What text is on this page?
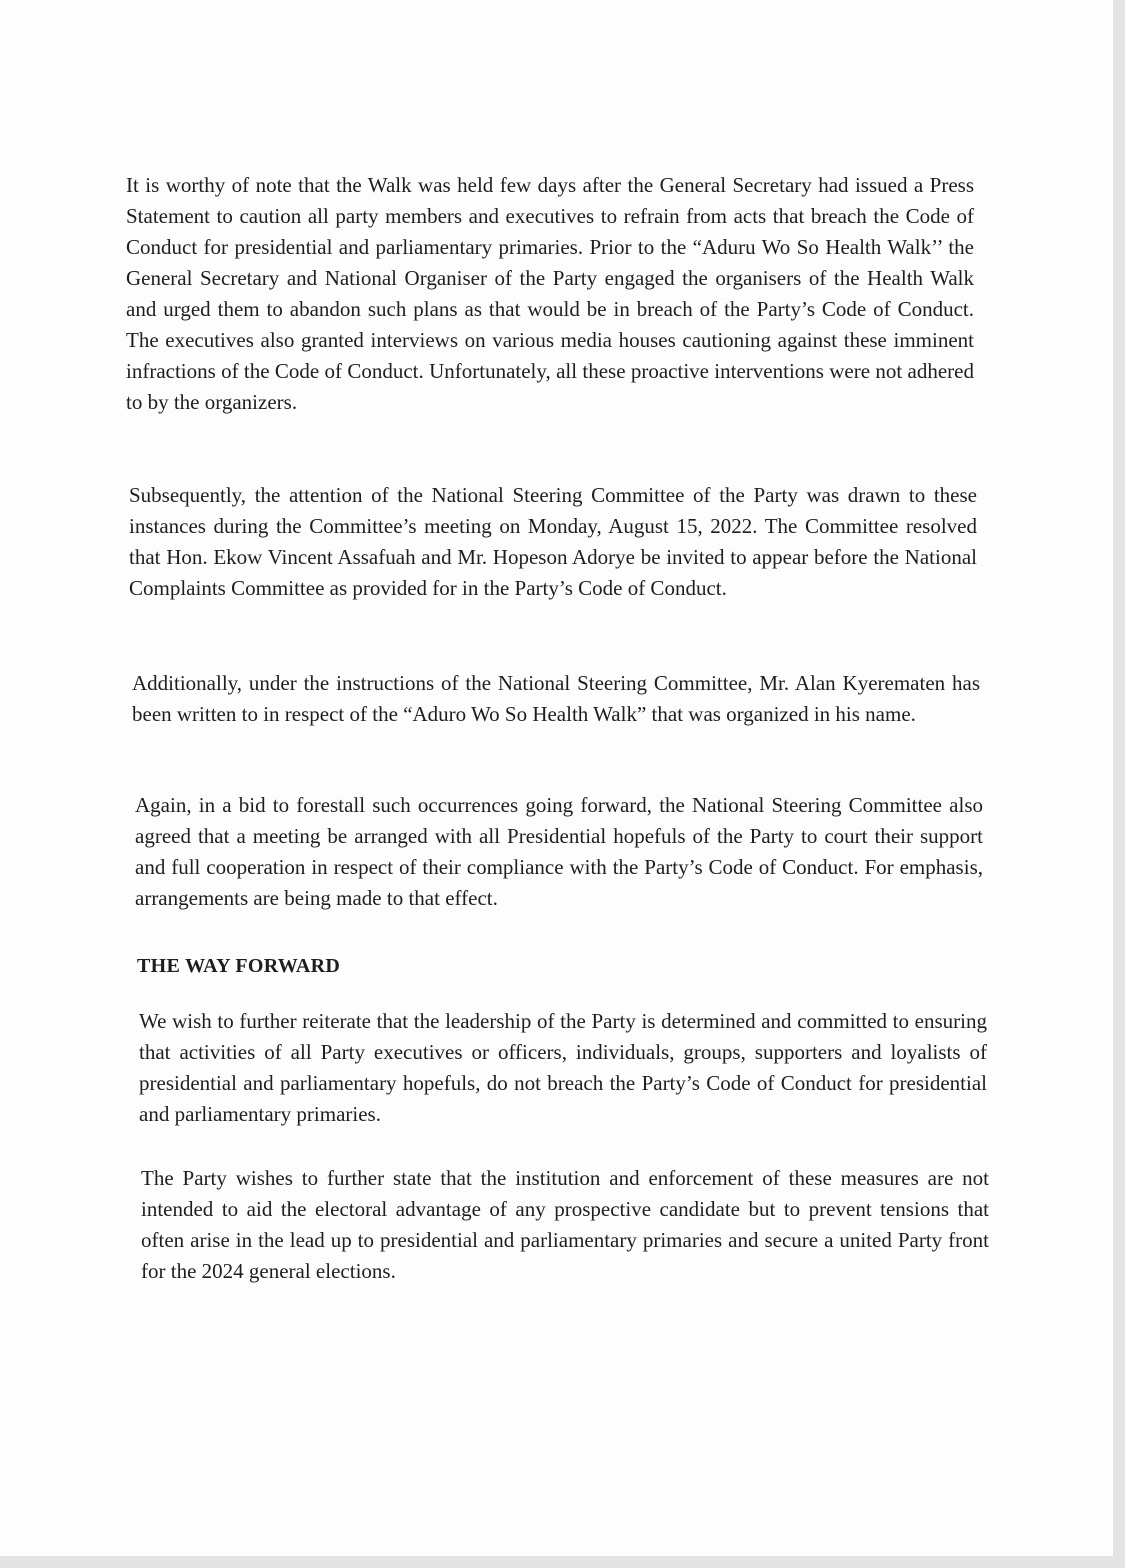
It is worthy of note that the Walk was held few days after the General Secretary had issued a Press Statement to caution all party members and executives to refrain from acts that breach the Code of Conduct for presidential and parliamentary primaries. Prior to the “Aduru Wo So Health Walk’’ the General Secretary and National Organiser of the Party engaged the organisers of the Health Walk and urged them to abandon such plans as that would be in breach of the Party’s Code of Conduct. The executives also granted interviews on various media houses cautioning against these imminent infractions of the Code of Conduct. Unfortunately, all these proactive interventions were not adhered to by the organizers.

Subsequently, the attention of the National Steering Committee of the Party was drawn to these instances during the Committee’s meeting on Monday, August 15, 2022. The Committee resolved that Hon. Ekow Vincent Assafuah and Mr. Hopeson Adorye be invited to appear before the National Complaints Committee as provided for in the Party’s Code of Conduct.

Additionally, under the instructions of the National Steering Committee, Mr. Alan Kyerematen has been written to in respect of the “Aduro Wo So Health Walk” that was organized in his name.

Again, in a bid to forestall such occurrences going forward, the National Steering Committee also agreed that a meeting be arranged with all Presidential hopefuls of the Party to court their support and full cooperation in respect of their compliance with the Party’s Code of Conduct. For emphasis, arrangements are being made to that effect.

THE WAY FORWARD

We wish to further reiterate that the leadership of the Party is determined and committed to ensuring that activities of all Party executives or officers, individuals, groups, supporters and loyalists of presidential and parliamentary hopefuls, do not breach the Party’s Code of Conduct for presidential and parliamentary primaries.

The Party wishes to further state that the institution and enforcement of these measures are not intended to aid the electoral advantage of any prospective candidate but to prevent tensions that often arise in the lead up to presidential and parliamentary primaries and secure a united Party front for the 2024 general elections.
